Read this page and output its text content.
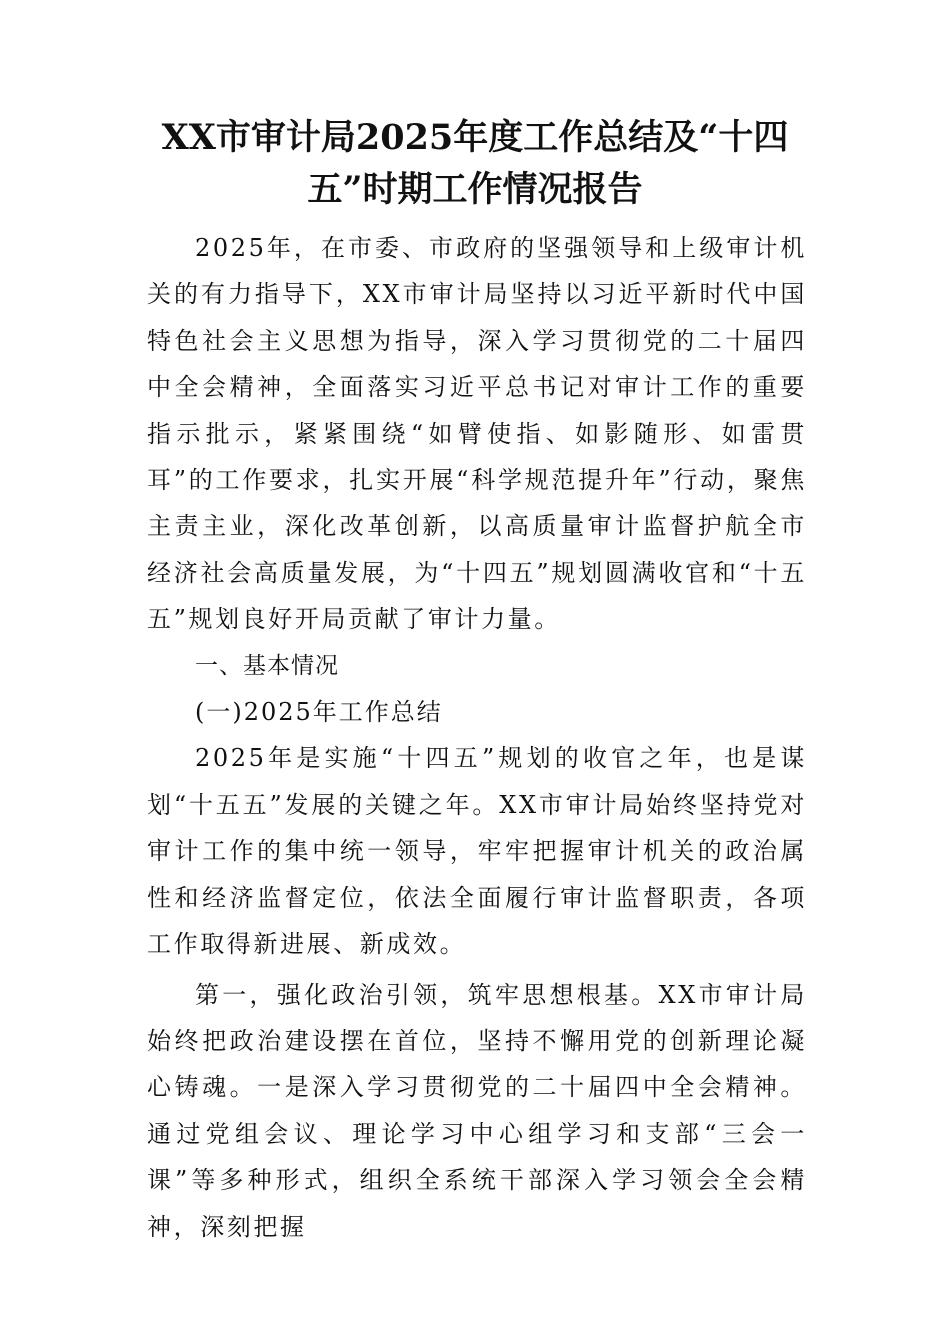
XX市审计局2025年度工作总结及“十四五”时期工作情况报告

2025年，在市委、市政府的坚强领导和上级审计机关的有力指导下，XX市审计局坚持以习近平新时代中国特色社会主义思想为指导，深入学习贯彻党的二十届四中全会精神，全面落实习近平总书记对审计工作的重要指示批示，紧紧围绕“如臂使指、如影随形、如雷贯耳”的工作要求，扎实开展“科学规范提升年”行动，聚焦主责主业，深化改革创新，以高质量审计监督护航全市经济社会高质量发展，为“十四五”规划圆满收官和“十五五”规划良好开局贡献了审计力量。

一、基本情况

(一)2025年工作总结

2025年是实施“十四五”规划的收官之年，也是谋划“十五五”发展的关键之年。XX市审计局始终坚持党对审计工作的集中统一领导，牢牢把握审计机关的政治属性和经济监督定位，依法全面履行审计监督职责，各项工作取得新进展、新成效。

第一，强化政治引领，筑牢思想根基。XX市审计局始终把政治建设摆在首位，坚持不懈用党的创新理论凝心铸魂。一是深入学习贯彻党的二十届四中全会精神。通过党组会议、理论学习中心组学习和支部“三会一课”等多种形式，组织全系统干部深入学习领会全会精神，深刻把握
